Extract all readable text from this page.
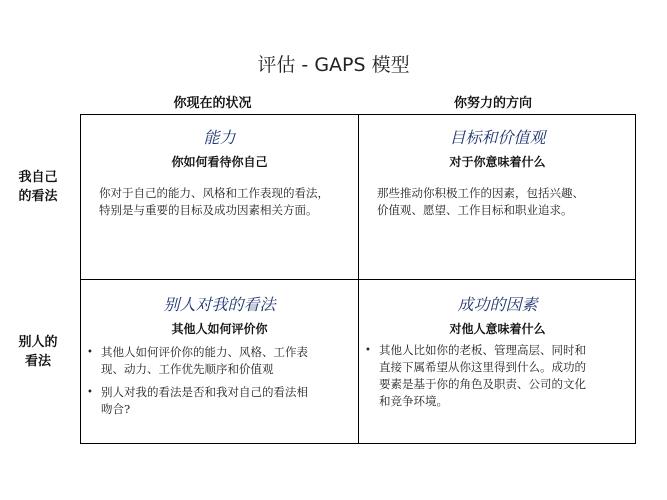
评估 - GAPS 模型
你现在的状况	你努力的方向
我自己
的看法
别人的
看法
能力
你如何看待你自己
你对于自己的能力、风格和工作表现的看法，
特别是与重要的目标及成功因素相关方面。
目标和价值观
对于你意味着什么
那些推动你积极工作的因素，包括兴趣、
价值观、愿望、工作目标和职业追求。
别人对我的看法
其他人如何评价你
• 其他人如何评价你的能力、风格、工作表
现、动力、工作优先顺序和价值观
• 别人对我的看法是否和我对自己的看法相
吻合?
成功的因素
对他人意味着什么
• 其他人比如你的老板、管理高层、同时和
直接下属希望从你这里得到什么。成功的
要素是基于你的角色及职责、公司的文化
和竞争环境。
